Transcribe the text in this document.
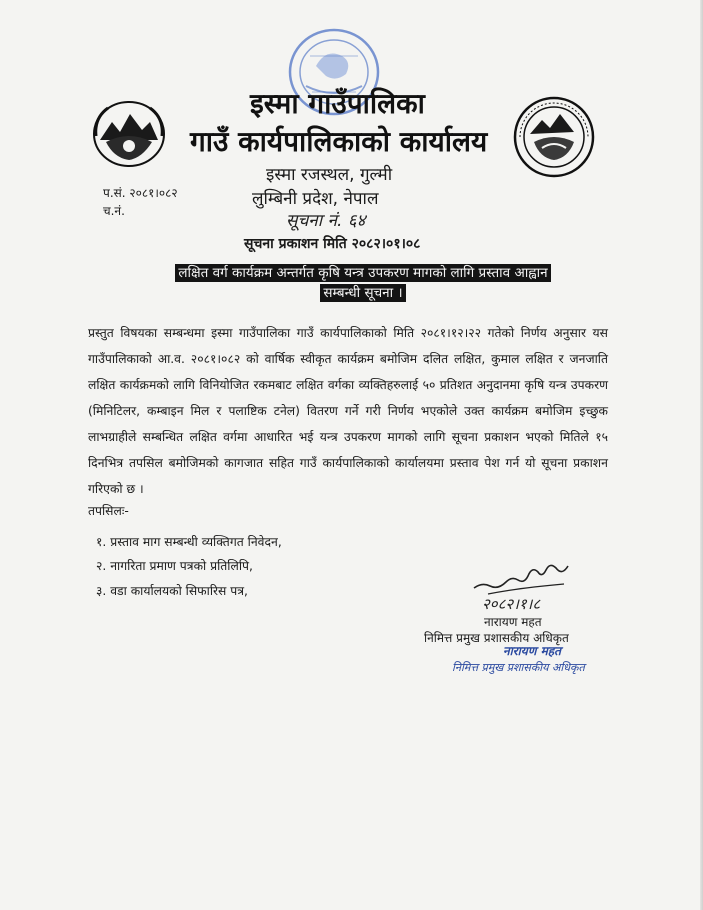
इस्मा गाउँपालिका
गाउँ कार्यपालिकाको कार्यालय
इस्मा रजस्थल, गुल्मी
लुम्बिनी प्रदेश, नेपाल
प.सं. २०८१।०८२
च.नं.	सूचना नं. ६४
सूचना प्रकाशन मिति २०८२।०१।०८
लक्षित वर्ग कार्यक्रम अन्तर्गत कृषि यन्त्र उपकरण मागको लागि प्रस्ताव आह्वान
सम्बन्धी सूचना ।
प्रस्तुत विषयका सम्बन्धमा इस्मा गाउँपालिका गाउँ कार्यपालिकाको मिति २०८१।१२।२२ गतेको निर्णय अनुसार यस गाउँपालिकाको आ.व. २०८१।०८२ को वार्षिक स्वीकृत कार्यक्रम बमोजिम दलित लक्षित, कुमाल लक्षित र जनजाति लक्षित कार्यक्रमको लागि विनियोजित रकमबाट लक्षित वर्गका व्यक्तिहरुलाई ५० प्रतिशत अनुदानमा कृषि यन्त्र उपकरण (मिनिटिलर, कम्बाइन मिल र पलाष्टिक टनेल) वितरण गर्ने गरी निर्णय भएकोले उक्त कार्यक्रम बमोजिम इच्छुक लाभग्राहीले सम्बन्धित लक्षित वर्गमा आधारित भई यन्त्र उपकरण मागको लागि सूचना प्रकाशन भएको मितिले १५ दिनभित्र तपसिल बमोजिमको कागजात सहित गाउँ कार्यपालिकाको कार्यालयमा प्रस्ताव पेश गर्न यो सूचना प्रकाशन गरिएको छ ।
तपसिलः-
१. प्रस्ताव माग सम्बन्धी व्यक्तिगत निवेदन,
२. नागरिता प्रमाण पत्रको प्रतिलिपि,
३. वडा कार्यालयको सिफारिस पत्र,
२०८२।१।८
नारायण महत
निमित्त प्रमुख प्रशासकीय अधिकृत
नारायण महत
निमित्त प्रमुख प्रशासकीय अधिकृत
